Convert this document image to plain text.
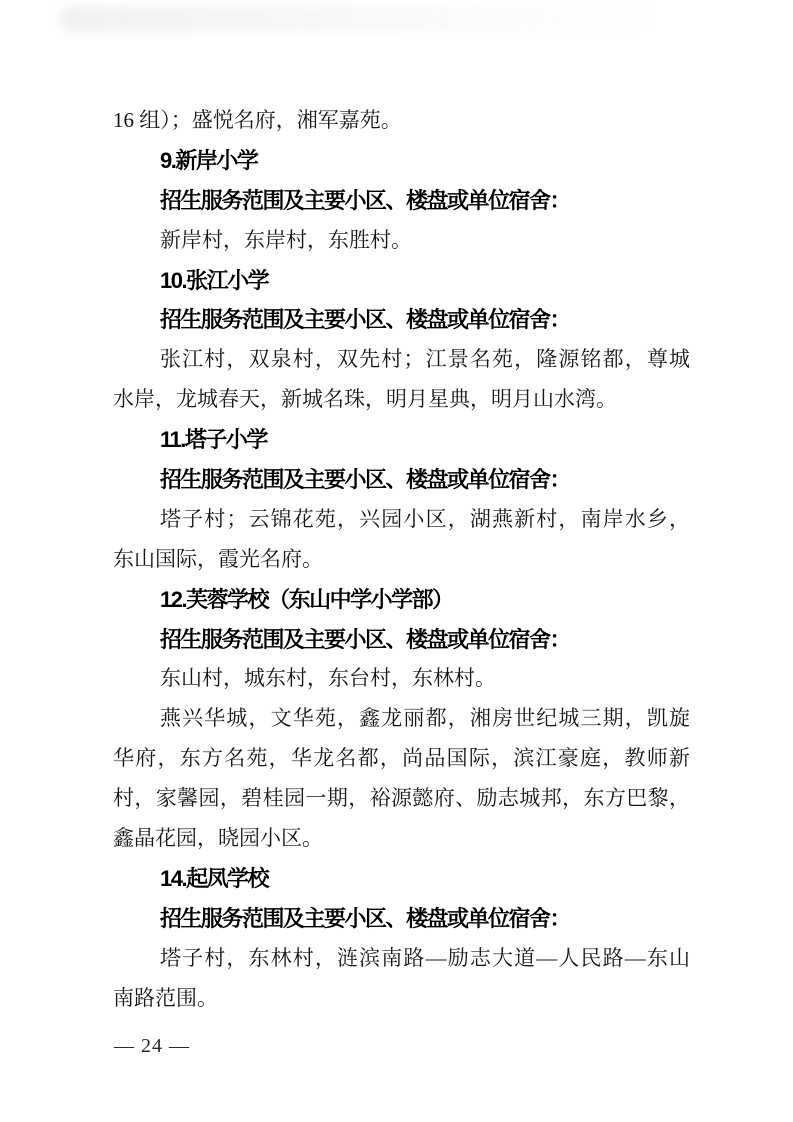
16 组）；盛悦名府，湘军嘉苑。
9.新岸小学
招生服务范围及主要小区、楼盘或单位宿舍：
新岸村，东岸村，东胜村。
10.张江小学
招生服务范围及主要小区、楼盘或单位宿舍：
张江村，双泉村，双先村；江景名苑，隆源铭都，尊城
水岸，龙城春天，新城名珠，明月星典，明月山水湾。
11.塔子小学
招生服务范围及主要小区、楼盘或单位宿舍：
塔子村；云锦花苑，兴园小区，湖燕新村，南岸水乡，
东山国际，霞光名府。
12.芙蓉学校（东山中学小学部）
招生服务范围及主要小区、楼盘或单位宿舍：
东山村，城东村，东台村，东林村。
燕兴华城，文华苑，鑫龙丽都，湘房世纪城三期，凯旋
华府，东方名苑，华龙名都，尚品国际，滨江豪庭，教师新
村，家馨园，碧桂园一期，裕源懿府、励志城邦，东方巴黎，
鑫晶花园，晓园小区。
14.起凤学校
招生服务范围及主要小区、楼盘或单位宿舍：
塔子村，东林村，涟滨南路—励志大道—人民路—东山
南路范围。
— 24 —
